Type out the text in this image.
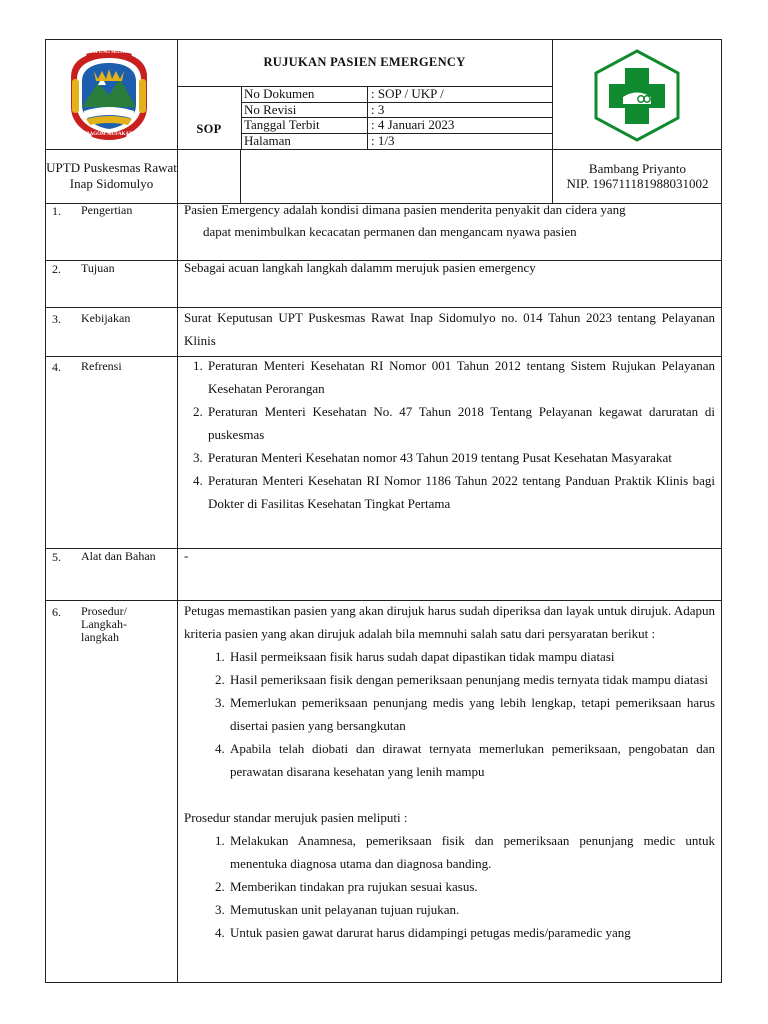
LAMPUNG SELATAN
RAGOM MUFAKAT
RUJUKAN PASIEN EMERGENCY
SOP
No Dokumen	: SOP / UKP /
No Revisi	: 3
Tanggal Terbit	: 4 Januari 2023
Halaman	: 1/3
UPTD Puskesmas Rawat
Inap Sidomulyo
Bambang Priyanto
NIP. 196711181988031002
1. Pengertian	Pasien Emergency adalah kondisi dimana pasien menderita penyakit dan cidera yang
dapat menimbulkan kecacatan permanen dan mengancam nyawa pasien
2. Tujuan	Sebagai acuan langkah langkah dalamm merujuk pasien emergency
3. Kebijakan	Surat Keputusan UPT Puskesmas Rawat Inap Sidomulyo no. 014 Tahun 2023 tentang Pelayanan Klinis
4. Refrensi
1.	Peraturan Menteri Kesehatan RI Nomor 001 Tahun 2012 tentang Sistem Rujukan Pelayanan Kesehatan Perorangan
2. Peraturan Menteri Kesehatan No. 47 Tahun 2018 Tentang Pelayanan kegawat daruratan di puskesmas
3. Peraturan Menteri Kesehatan nomor 43 Tahun 2019 tentang Pusat Kesehatan Masyarakat
4. Peraturan Menteri Kesehatan RI Nomor 1186 Tahun 2022 tentang Panduan Praktik Klinis bagi Dokter di Fasilitas Kesehatan Tingkat Pertama
5. Alat dan Bahan -
6. Prosedur/
Langkah-
langkah
Petugas memastikan pasien yang akan dirujuk harus sudah diperiksa dan layak untuk dirujuk. Adapun kriteria pasien yang akan dirujuk adalah bila memnuhi salah satu dari persyaratan berikut :
1. Hasil permeiksaan fisik harus sudah dapat dipastikan tidak mampu diatasi
2. Hasil pemeriksaan fisik dengan pemeriksaan penunjang medis ternyata tidak mampu diatasi
3. Memerlukan pemeriksaan penunjang medis yang lebih lengkap, tetapi pemeriksaan harus disertai pasien yang bersangkutan
4. Apabila telah diobati dan dirawat ternyata memerlukan pemeriksaan, pengobatan dan perawatan disarana kesehatan yang lenih mampu
Prosedur standar merujuk pasien meliputi :
1. Melakukan Anamnesa, pemeriksaan fisik dan pemeriksaan penunjang medic untuk menentuka diagnosa utama dan diagnosa banding.
2. Memberikan tindakan pra rujukan sesuai kasus.
3. Memutuskan unit pelayanan tujuan rujukan.
4. Untuk pasien gawat darurat harus didampingi petugas medis/paramedic yang
